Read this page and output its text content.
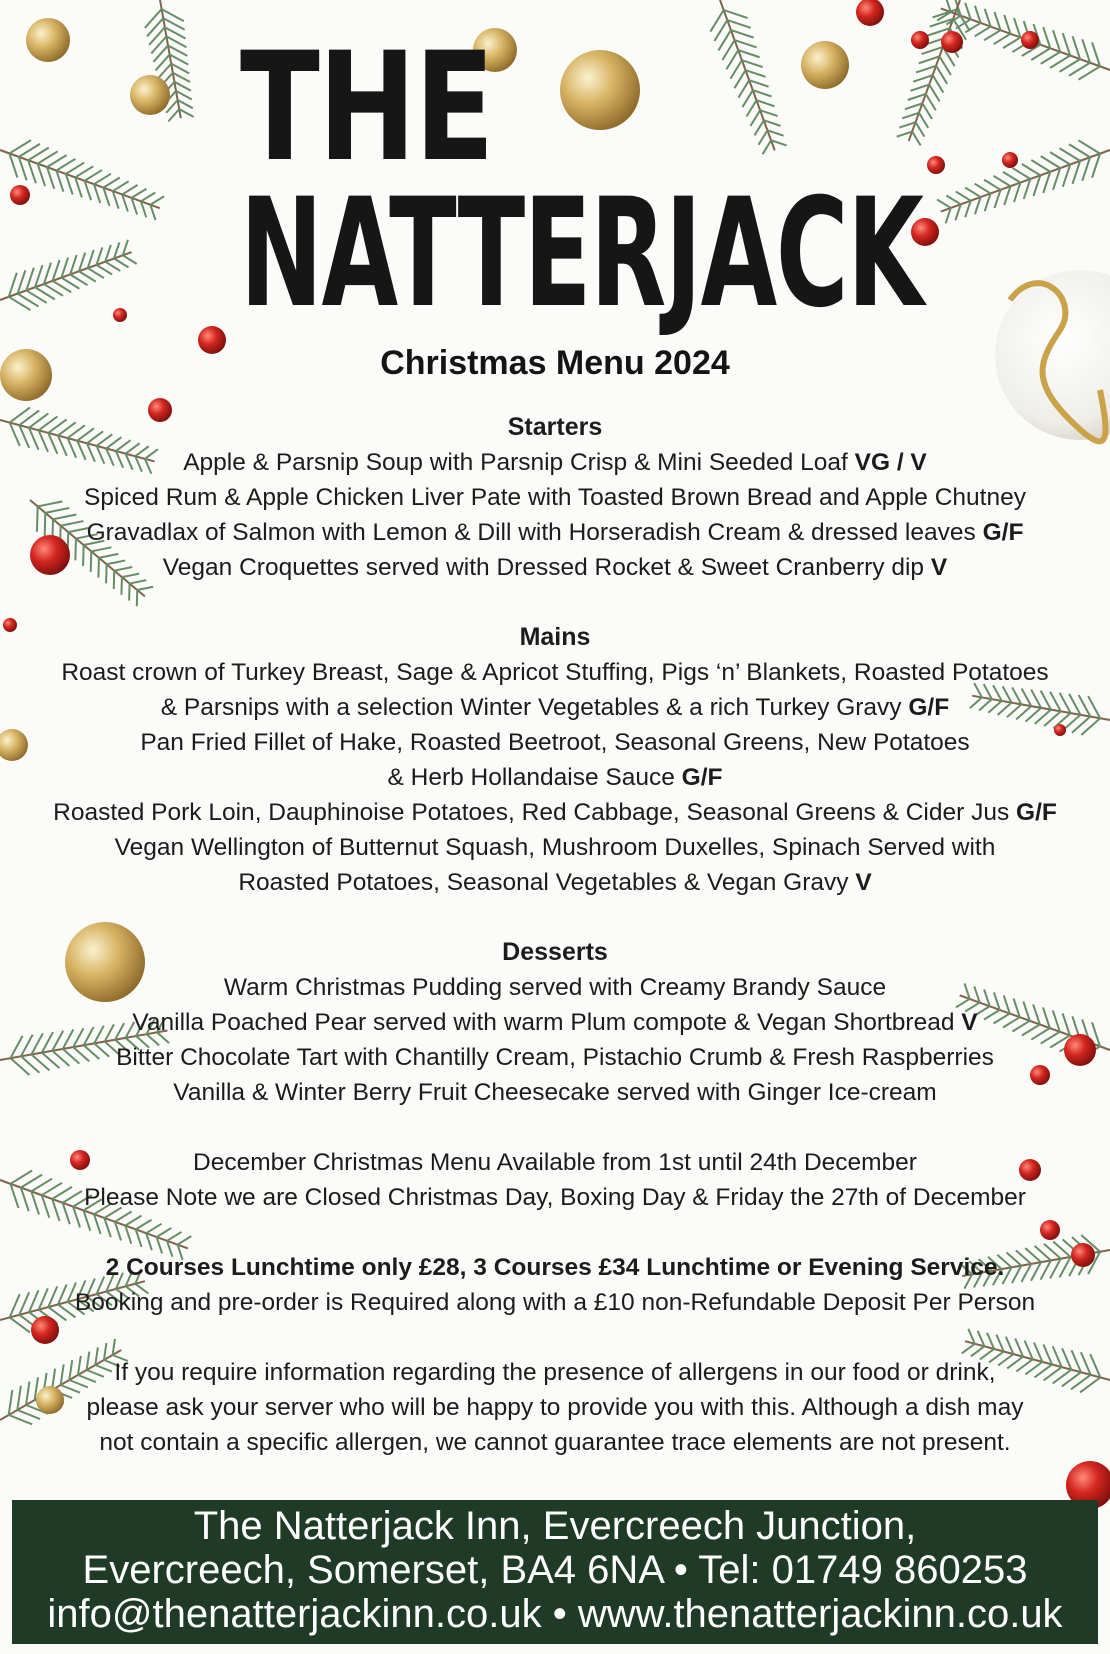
THE
NATTERJACK
Christmas Menu 2024
Starters
Apple & Parsnip Soup with Parsnip Crisp & Mini Seeded Loaf VG / V
Spiced Rum & Apple Chicken Liver Pate with Toasted Brown Bread and Apple Chutney
Gravadlax of Salmon with Lemon & Dill with Horseradish Cream & dressed leaves G/F
Vegan Croquettes served with Dressed Rocket & Sweet Cranberry dip V
Mains
Roast crown of Turkey Breast, Sage & Apricot Stuffing, Pigs ‘n’ Blankets, Roasted Potatoes
& Parsnips with a selection Winter Vegetables & a rich Turkey Gravy G/F
Pan Fried Fillet of Hake, Roasted Beetroot, Seasonal Greens, New Potatoes
& Herb Hollandaise Sauce G/F
Roasted Pork Loin, Dauphinoise Potatoes, Red Cabbage, Seasonal Greens & Cider Jus G/F
Vegan Wellington of Butternut Squash, Mushroom Duxelles, Spinach Served with
Roasted Potatoes, Seasonal Vegetables & Vegan Gravy V
Desserts
Warm Christmas Pudding served with Creamy Brandy Sauce
Vanilla Poached Pear served with warm Plum compote & Vegan Shortbread V
Bitter Chocolate Tart with Chantilly Cream, Pistachio Crumb & Fresh Raspberries
Vanilla & Winter Berry Fruit Cheesecake served with Ginger Ice-cream
December Christmas Menu Available from 1st until 24th December
Please Note we are Closed Christmas Day, Boxing Day & Friday the 27th of December
2 Courses Lunchtime only £28, 3 Courses £34 Lunchtime or Evening Service.
Booking and pre-order is Required along with a £10 non-Refundable Deposit Per Person
If you require information regarding the presence of allergens in our food or drink,
please ask your server who will be happy to provide you with this. Although a dish may
not contain a specific allergen, we cannot guarantee trace elements are not present.
The Natterjack Inn, Evercreech Junction,
Evercreech, Somerset, BA4 6NA • Tel: 01749 860253
info@thenatterjackinn.co.uk • www.thenatterjackinn.co.uk
